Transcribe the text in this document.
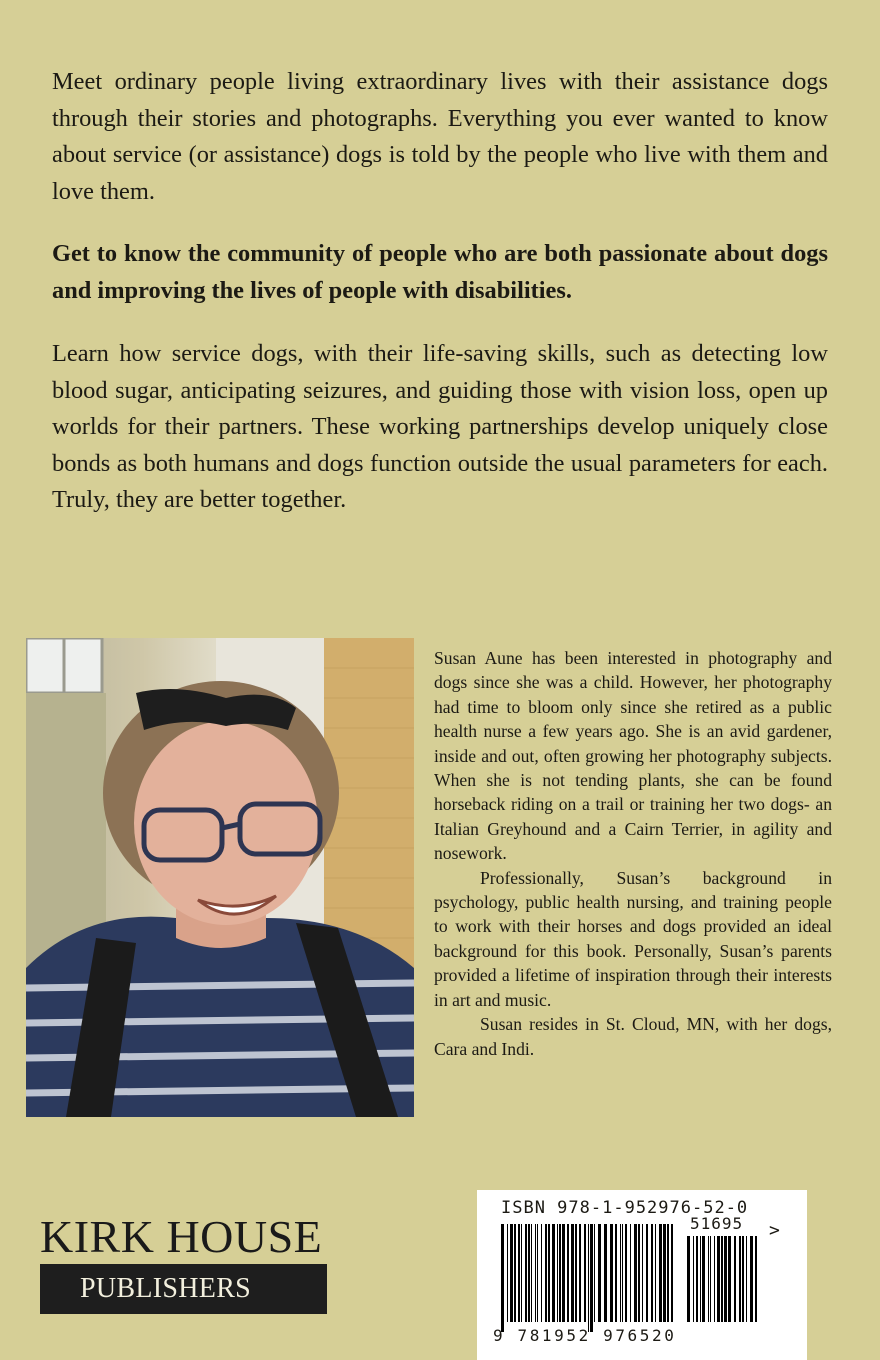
Meet ordinary people living extraordinary lives with their assistance dogs through their stories and photographs. Everything you ever wanted to know about service (or assistance) dogs is told by the people who live with them and love them.

Get to know the community of people who are both passionate about dogs and improving the lives of people with disabilities.

Learn how service dogs, with their life-saving skills, such as detecting low blood sugar, anticipating seizures, and guiding those with vision loss, open up worlds for their partners. These working partnerships develop uniquely close bonds as both humans and dogs function outside the usual parameters for each. Truly, they are better together.

Susan Aune has been interested in photography and dogs since she was a child. However, her photography had time to bloom only since she retired as a public health nurse a few years ago. She is an avid gardener, inside and out, often growing her photography subjects. When she is not tending plants, she can be found horseback riding on a trail or training her two dogs- an Italian Greyhound and a Cairn Terrier, in agility and nosework.

Professionally, Susan’s background in psychology, public health nursing, and training people to work with their horses and dogs provided an ideal background for this book. Personally, Susan’s parents provided a lifetime of inspiration through their interests in art and music.

Susan resides in St. Cloud, MN, with her dogs, Cara and Indi.

KIRK HOUSE
PUBLISHERS
ISBN 978-1-952976-52-0
51695 >
9 781952 976520
